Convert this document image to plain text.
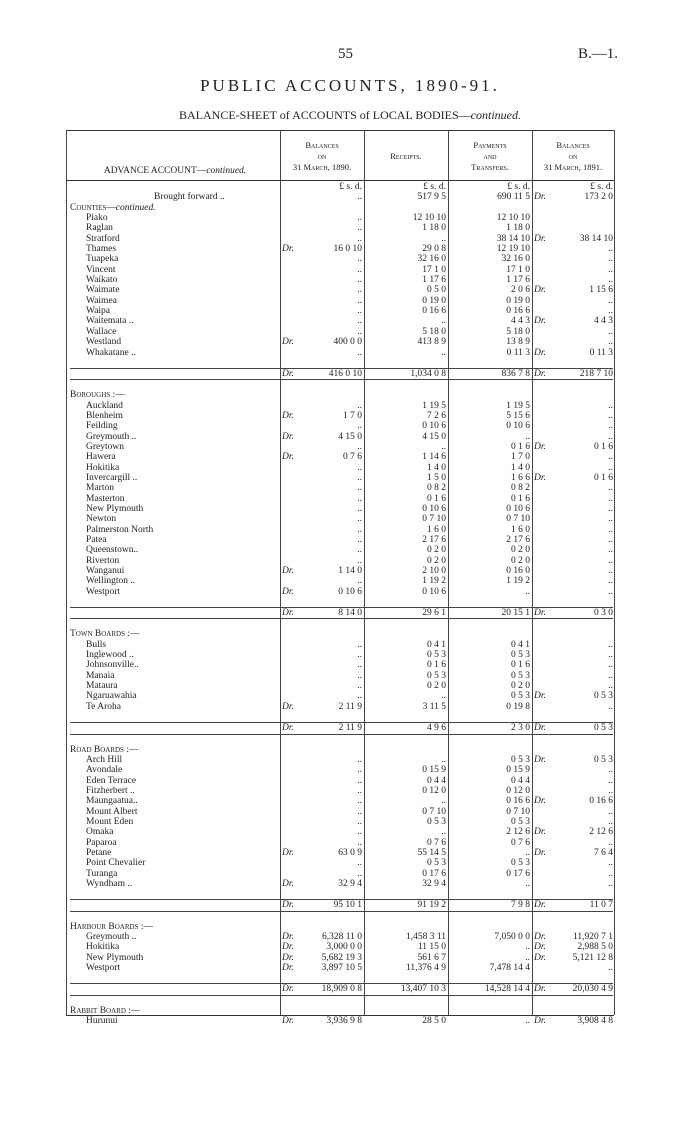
55	B.—1.
PUBLIC ACCOUNTS, 1890-91.
BALANCE-SHEET of ACCOUNTS of LOCAL BODIES—continued.
ADVANCE ACCOUNT—continued.
Balances
on
31 March, 1890.
Receipts.
Payments
and
Transfers.
Balances
on
31 March, 1891.
	£ s. d.	£ s. d.	£ s. d.	£ s. d.
Brought forward ..	..	517 9 5	690 11 5	Dr. 173 2 0
Counties—continued.				
Piako	..	12 10 10	12 10 10	
Raglan	..	1 18 0	1 18 0	
Stratford	..	..	38 14 10	Dr. 38 14 10
Thames	Dr. 16 0 10	29 0 8	12 19 10	..
Tuapeka	..	32 16 0	32 16 0	..
Vincent	..	17 1 0	17 1 0	..
Waikato	..	1 17 6	1 17 6	..
Waimate	..	0 5 0	2 0 6	Dr. 1 15 6
Waimea	..	0 19 0	0 19 0	..
Waipa	..	0 16 6	0 16 6	..
Waitemata ..	..	..	4 4 3	Dr. 4 4 3
Wallace	..	5 18 0	5 18 0	..
Westland	Dr. 400 0 0	413 8 9	13 8 9	..
Whakatane ..	..	..	0 11 3	Dr. 0 11 3

	Dr. 416 0 10	1,034 0 8	836 7 8	Dr. 218 7 10

Boroughs :—				
Auckland	..	1 19 5	1 19 5	..
Blenheim	Dr. 1 7 0	7 2 6	5 15 6	..
Feilding	..	0 10 6	0 10 6	..
Greymouth ..	Dr. 4 15 0	4 15 0	..	..
Greytown	..	..	0 1 6	Dr. 0 1 6
Hawera	Dr. 0 7 6	1 14 6	1 7 0	..
Hokitika	..	1 4 0	1 4 0	..
Invercargill ..	..	1 5 0	1 6 6	Dr. 0 1 6
Marton	..	0 8 2	0 8 2	..
Masterton	..	0 1 6	0 1 6	..
New Plymouth	..	0 10 6	0 10 6	..
Newton	..	0 7 10	0 7 10	..
Palmerston North	..	1 6 0	1 6 0	..
Patea	..	2 17 6	2 17 6	..
Queenstown..	..	0 2 0	0 2 0	..
Riverton	..	0 2 0	0 2 0	..
Wanganui	Dr. 1 14 0	2 10 0	0 16 0	..
Wellington ..	..	1 19 2	1 19 2	..
Westport	Dr. 0 10 6	0 10 6	..	..

	Dr. 8 14 0	29 6 1	20 15 1	Dr. 0 3 0

Town Boards :—				
Bulls	..	0 4 1	0 4 1	..
Inglewood ..	..	0 5 3	0 5 3	..
Johnsonville..	..	0 1 6	0 1 6	..
Manaia	..	0 5 3	0 5 3	..
Mataura	..	0 2 0	0 2 0	..
Ngaruawahia	..	..	0 5 3	Dr. 0 5 3
Te Aroha	Dr. 2 11 9	3 11 5	0 19 8	..

	Dr. 2 11 9	4 9 6	2 3 0	Dr. 0 5 3

Road Boards :—				
Arch Hill	..	..	0 5 3	Dr. 0 5 3
Avondale	..	0 15 9	0 15 9	..
Eden Terrace	..	0 4 4	0 4 4	..
Fitzherbert ..	..	0 12 0	0 12 0	..
Maungaatua..	..	..	0 16 6	Dr. 0 16 6
Mount Albert	..	0 7 10	0 7 10	..
Mount Eden	..	0 5 3	0 5 3	..
Omaka	..	..	2 12 6	Dr. 2 12 6
Paparoa	..	0 7 6	0 7 6	..
Petane	Dr. 63 0 9	55 14 5	..	Dr. 7 6 4
Point Chevalier	..	0 5 3	0 5 3	..
Turanga	..	0 17 6	0 17 6	..
Wyndham ..	Dr. 32 9 4	32 9 4	..	..

	Dr. 95 10 1	91 19 2	7 9 8	Dr. 11 0 7

Harbour Boards :—				
Greymouth ..	Dr. 6,328 11 0	1,458 3 11	7,050 0 0	Dr. 11,920 7 1
Hokitika	Dr. 3,000 0 0	11 15 0	..	Dr. 2,988 5 0
New Plymouth	Dr. 5,682 19 3	561 6 7	..	Dr. 5,121 12 8
Westport	Dr. 3,897 10 5	11,376 4 9	7,478 14 4	..

	Dr. 18,909 0 8	13,407 10 3	14,528 14 4	Dr. 20,030 4 9

Rabbit Board :—				
Hurunui	Dr. 3,936 9 8	28 5 0	..	Dr. 3,908 4 8
